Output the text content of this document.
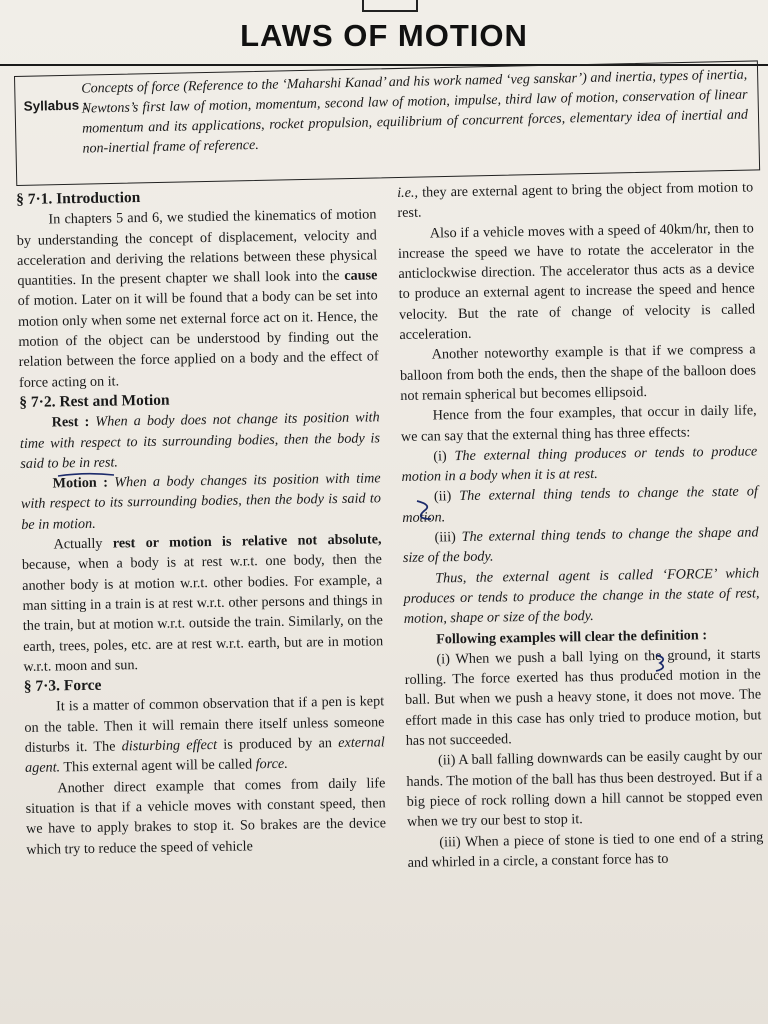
LAWS OF MOTION
Syllabus :
Concepts of force (Reference to the ‘Maharshi Kanad’ and his work named ‘veg sanskar’) and inertia, types of inertia, Newtons’s first law of motion, momentum, second law of motion, impulse, third law of motion, conservation of linear momentum and its applications, rocket propulsion, equilibrium of concurrent forces, elementary idea of inertial and non-inertial frame of reference.

§ 7·1. Introduction

In chapters 5 and 6, we studied the kinematics of motion by understanding the concept of displacement, velocity and acceleration and deriving the relations between these physical quantities. In the present chapter we shall look into the cause of motion. Later on it will be found that a body can be set into motion only when some net external force act on it. Hence, the motion of the object can be understood by finding out the relation between the force applied on a body and the effect of force acting on it.

§ 7·2. Rest and Motion

Rest : When a body does not change its position with time with respect to its surrounding bodies, then the body is said to be in rest.

Motion : When a body changes its position with time with respect to its surrounding bodies, then the body is said to be in motion.

Actually rest or motion is relative not absolute, because, when a body is at rest w.r.t. one body, then the another body is at motion w.r.t. other bodies. For example, a man sitting in a train is at rest w.r.t. other persons and things in the train, but at motion w.r.t. outside the train. Similarly, on the earth, trees, poles, etc. are at rest w.r.t. earth, but are in motion w.r.t. moon and sun.

§ 7·3. Force

It is a matter of common observation that if a pen is kept on the table. Then it will remain there itself unless someone disturbs it. The disturbing effect is produced by an external agent. This external agent will be called force.

Another direct example that comes from daily life situation is that if a vehicle moves with constant speed, then we have to apply brakes to stop it. So brakes are the device which try to reduce the speed of vehicle

i.e., they are external agent to bring the object from motion to rest.

Also if a vehicle moves with a speed of 40km/hr, then to increase the speed we have to rotate the accelerator in the anticlockwise direction. The accelerator thus acts as a device to produce an external agent to increase the speed and hence velocity. But the rate of change of velocity is called acceleration.

Another noteworthy example is that if we compress a balloon from both the ends, then the shape of the balloon does not remain spherical but becomes ellipsoid.

Hence from the four examples, that occur in daily life, we can say that the external thing has three effects:

(i) The external thing produces or tends to produce motion in a body when it is at rest.

(ii) The external thing tends to change the state of motion.

(iii) The external thing tends to change the shape and size of the body.

Thus, the external agent is called ‘FORCE’ which produces or tends to produce the change in the state of rest, motion, shape or size of the body.

Following examples will clear the definition :

(i) When we push a ball lying on the ground, it starts rolling. The force exerted has thus produced motion in the ball. But when we push a heavy stone, it does not move. The effort made in this case has only tried to produce motion, but has not succeeded.

(ii) A ball falling downwards can be easily caught by our hands. The motion of the ball has thus been destroyed. But if a big piece of rock rolling down a hill cannot be stopped even when we try our best to stop it.

(iii) When a piece of stone is tied to one end of a string and whirled in a circle, a constant force has to
